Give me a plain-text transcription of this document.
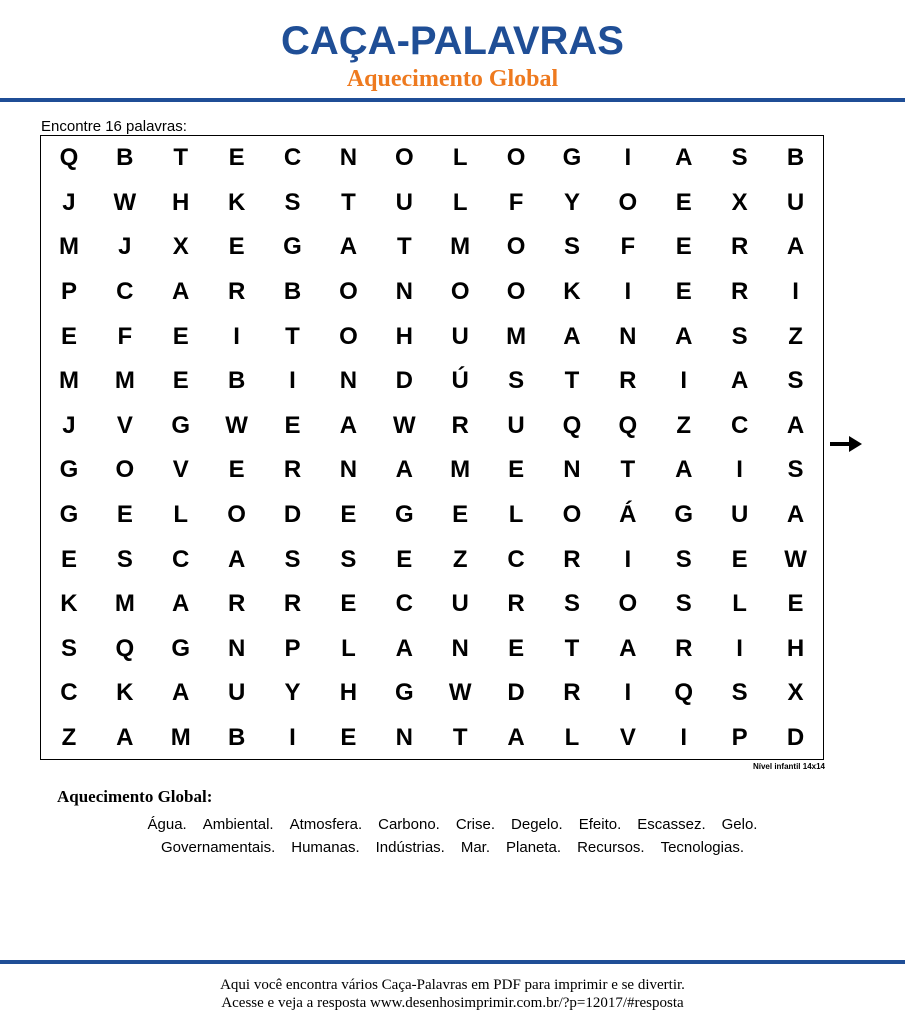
CAÇA-PALAVRAS
Aquecimento Global
Encontre 16 palavras:
Q	B	T	E	C	N	O	L	O	G	I	A	S	B
J	W	H	K	S	T	U	L	F	Y	O	E	X	U
M	J	X	E	G	A	T	M	O	S	F	E	R	A
P	C	A	R	B	O	N	O	O	K	I	E	R	I
E	F	E	I	T	O	H	U	M	A	N	A	S	Z
M	M	E	B	I	N	D	Ú	S	T	R	I	A	S
J	V	G	W	E	A	W	R	U	Q	Q	Z	C	A
G	O	V	E	R	N	A	M	E	N	T	A	I	S
G	E	L	O	D	E	G	E	L	O	Á	G	U	A
E	S	C	A	S	S	E	Z	C	R	I	S	E	W
K	M	A	R	R	E	C	U	R	S	O	S	L	E
S	Q	G	N	P	L	A	N	E	T	A	R	I	H
C	K	A	U	Y	H	G	W	D	R	I	Q	S	X
Z	A	M	B	I	E	N	T	A	L	V	I	P	D
Nível infantil 14x14
Aquecimento Global:
Água. Ambiental. Atmosfera. Carbono. Crise. Degelo. Efeito. Escassez. Gelo.
Governamentais. Humanas. Indústrias. Mar. Planeta. Recursos. Tecnologias.
Aqui você encontra vários Caça-Palavras em PDF para imprimir e se divertir.
Acesse e veja a resposta www.desenhosimprimir.com.br/?p=12017/#resposta
